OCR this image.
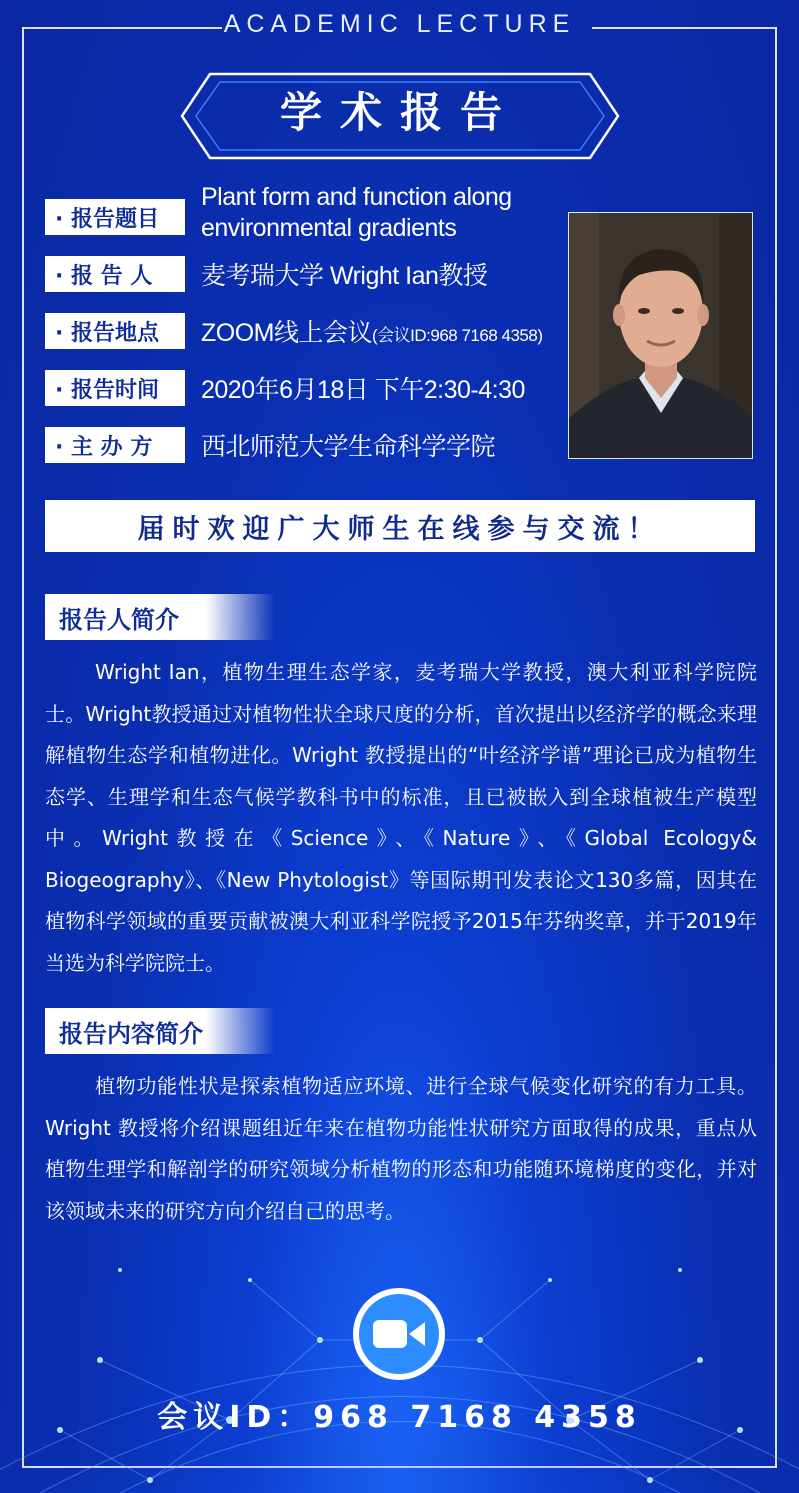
ACADEMIC LECTURE
学术报告
· 报告题目
Plant form and function along environmental gradients
· 报 告 人	麦考瑞大学 Wright Ian教授
· 报告地点	ZOOM线上会议(会议ID:968 7168 4358)
· 报告时间	2020年6月18日 下午2:30-4:30
· 主 办 方	西北师范大学生命科学学院
届时欢迎广大师生在线参与交流！
报告人简介
Wright Ian，植物生理生态学家，麦考瑞大学教授，澳大利亚科学院院士。Wright教授通过对植物性状全球尺度的分析，首次提出以经济学的概念来理解植物生态学和植物进化。Wright 教授提出的“叶经济学谱”理论已成为植物生态学、生理学和生态气候学教科书中的标准，且已被嵌入到全球植被生产模型中。Wright教授在《Science》、《Nature》、《Global Ecology& Biogeography》、《New Phytologist》等国际期刊发表论文130多篇，因其在植物科学领域的重要贡献被澳大利亚科学院授予2015年芬纳奖章，并于2019年当选为科学院院士。
报告内容简介
植物功能性状是探索植物适应环境、进行全球气候变化研究的有力工具。Wright 教授将介绍课题组近年来在植物功能性状研究方面取得的成果，重点从植物生理学和解剖学的研究领域分析植物的形态和功能随环境梯度的变化，并对该领域未来的研究方向介绍自己的思考。
会议ID：968 7168 4358
